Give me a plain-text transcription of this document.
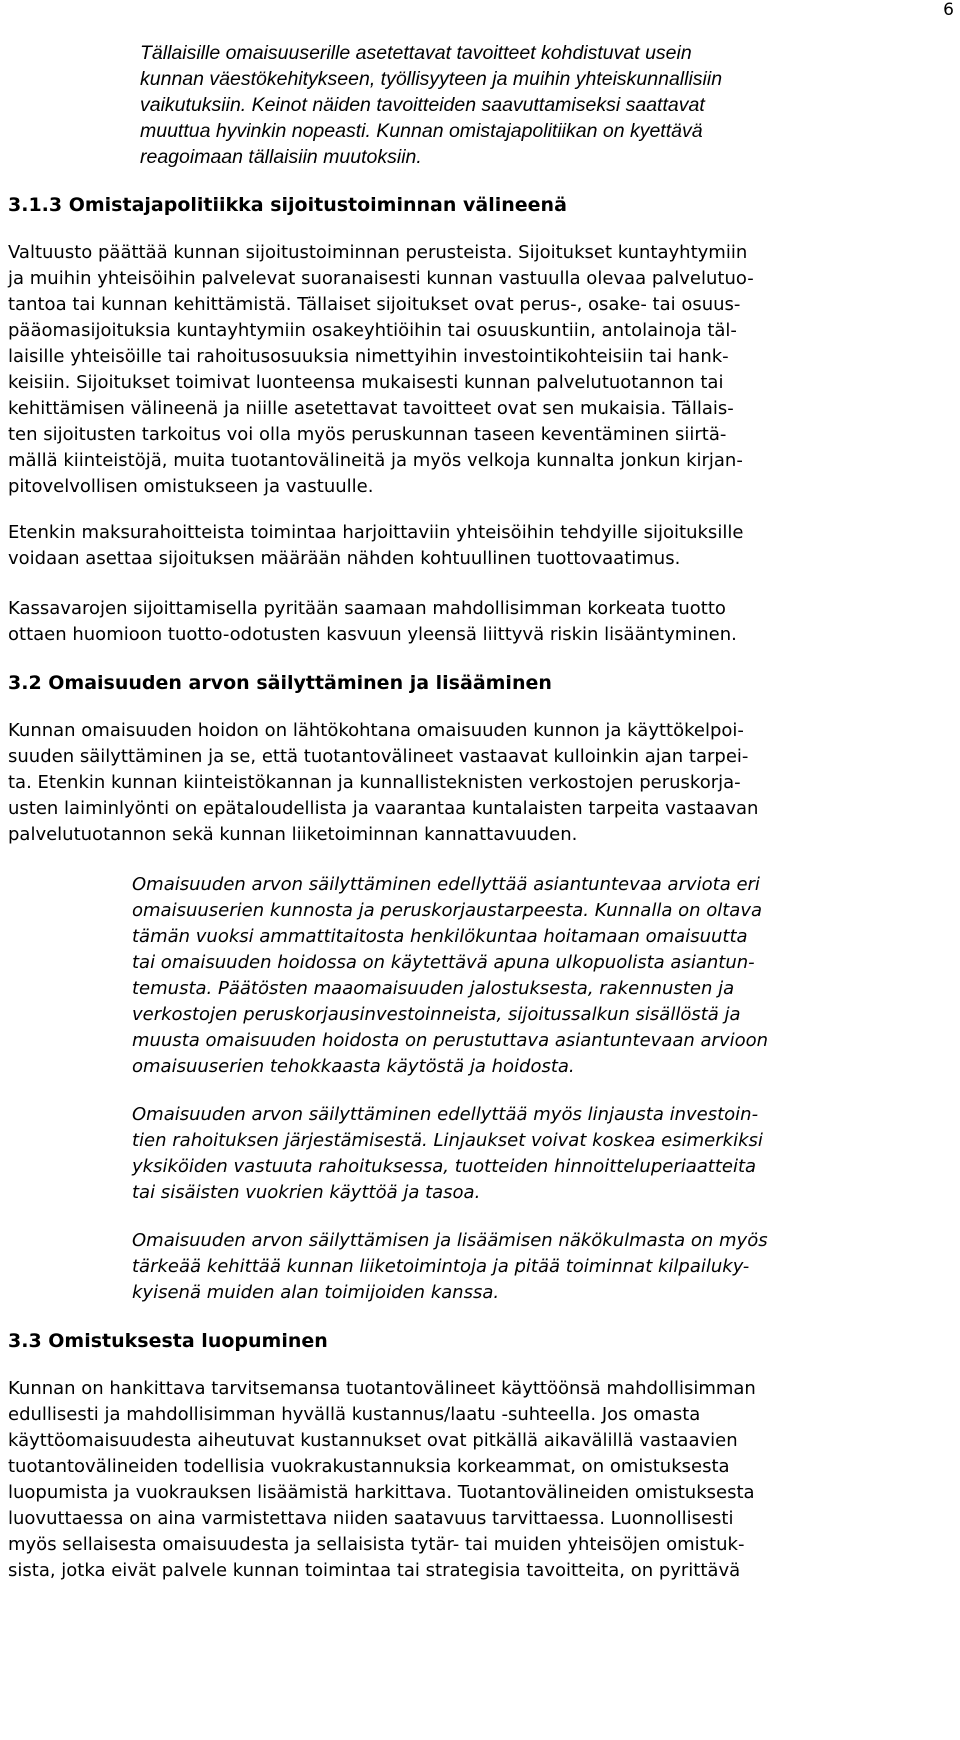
6
Tällaisille omaisuuserille asetettavat tavoitteet kohdistuvat usein
kunnan väestökehitykseen, työllisyyteen ja muihin yhteiskunnallisiin
vaikutuksiin. Keinot näiden tavoitteiden saavuttamiseksi saattavat
muuttua hyvinkin nopeasti. Kunnan omistajapolitiikan on kyettävä
reagoimaan tällaisiin muutoksiin.
3.1.3 Omistajapolitiikka sijoitustoiminnan välineenä
Valtuusto päättää kunnan sijoitustoiminnan perusteista. Sijoitukset kuntayhtymiin
ja muihin yhteisöihin palvelevat suoranaisesti kunnan vastuulla olevaa palvelutuo-
tantoa tai kunnan kehittämistä. Tällaiset sijoitukset ovat perus-, osake- tai osuus-
pääomasijoituksia kuntayhtymiin osakeyhtiöihin tai osuuskuntiin, antolainoja täl-
laisille yhteisöille tai rahoitusosuuksia nimettyihin investointikohteisiin tai hank-
keisiin. Sijoitukset toimivat luonteensa mukaisesti kunnan palvelutuotannon tai
kehittämisen välineenä ja niille asetettavat tavoitteet ovat sen mukaisia. Tällais-
ten sijoitusten tarkoitus voi olla myös peruskunnan taseen keventäminen siirtä-
mällä kiinteistöjä, muita tuotantovälineitä ja myös velkoja kunnalta jonkun kirjan-
pitovelvollisen omistukseen ja vastuulle.
Etenkin maksurahoitteista toimintaa harjoittaviin yhteisöihin tehdyille sijoituksille
voidaan asettaa sijoituksen määrään nähden kohtuullinen tuottovaatimus.
Kassavarojen sijoittamisella pyritään saamaan mahdollisimman korkeata tuotto
ottaen huomioon tuotto-odotusten kasvuun yleensä liittyvä riskin lisääntyminen.
3.2 Omaisuuden arvon säilyttäminen ja lisääminen
Kunnan omaisuuden hoidon on lähtökohtana omaisuuden kunnon ja käyttökelpoi-
suuden säilyttäminen ja se, että tuotantovälineet vastaavat kulloinkin ajan tarpei-
ta. Etenkin kunnan kiinteistökannan ja kunnallisteknisten verkostojen peruskorja-
usten laiminlyönti on epätaloudellista ja vaarantaa kuntalaisten tarpeita vastaavan
palvelutuotannon sekä kunnan liiketoiminnan kannattavuuden.
Omaisuuden arvon säilyttäminen edellyttää asiantuntevaa arviota eri
omaisuuserien kunnosta ja peruskorjaustarpeesta. Kunnalla on oltava
tämän vuoksi ammattitaitosta henkilökuntaa hoitamaan omaisuutta
tai omaisuuden hoidossa on käytettävä apuna ulkopuolista asiantun-
temusta. Päätösten maaomaisuuden jalostuksesta, rakennusten ja
verkostojen peruskorjausinvestoinneista, sijoitussalkun sisällöstä ja
muusta omaisuuden hoidosta on perustuttava asiantuntevaan arvioon
omaisuuserien tehokkaasta käytöstä ja hoidosta.
Omaisuuden arvon säilyttäminen edellyttää myös linjausta investoin-
tien rahoituksen järjestämisestä. Linjaukset voivat koskea esimerkiksi
yksiköiden vastuuta rahoituksessa, tuotteiden hinnoitteluperiaatteita
tai sisäisten vuokrien käyttöä ja tasoa.
Omaisuuden arvon säilyttämisen ja lisäämisen näkökulmasta on myös
tärkeää kehittää kunnan liiketoimintoja ja pitää toiminnat kilpailuky-
kyisenä muiden alan toimijoiden kanssa.
3.3 Omistuksesta luopuminen
Kunnan on hankittava tarvitsemansa tuotantovälineet käyttöönsä mahdollisimman
edullisesti ja mahdollisimman hyvällä kustannus/laatu -suhteella. Jos omasta
käyttöomaisuudesta aiheutuvat kustannukset ovat pitkällä aikavälillä vastaavien
tuotantovälineiden todellisia vuokrakustannuksia korkeammat, on omistuksesta
luopumista ja vuokrauksen lisäämistä harkittava. Tuotantovälineiden omistuksesta
luovuttaessa on aina varmistettava niiden saatavuus tarvittaessa. Luonnollisesti
myös sellaisesta omaisuudesta ja sellaisista tytär- tai muiden yhteisöjen omistuk-
sista, jotka eivät palvele kunnan toimintaa tai strategisia tavoitteita, on pyrittävä
